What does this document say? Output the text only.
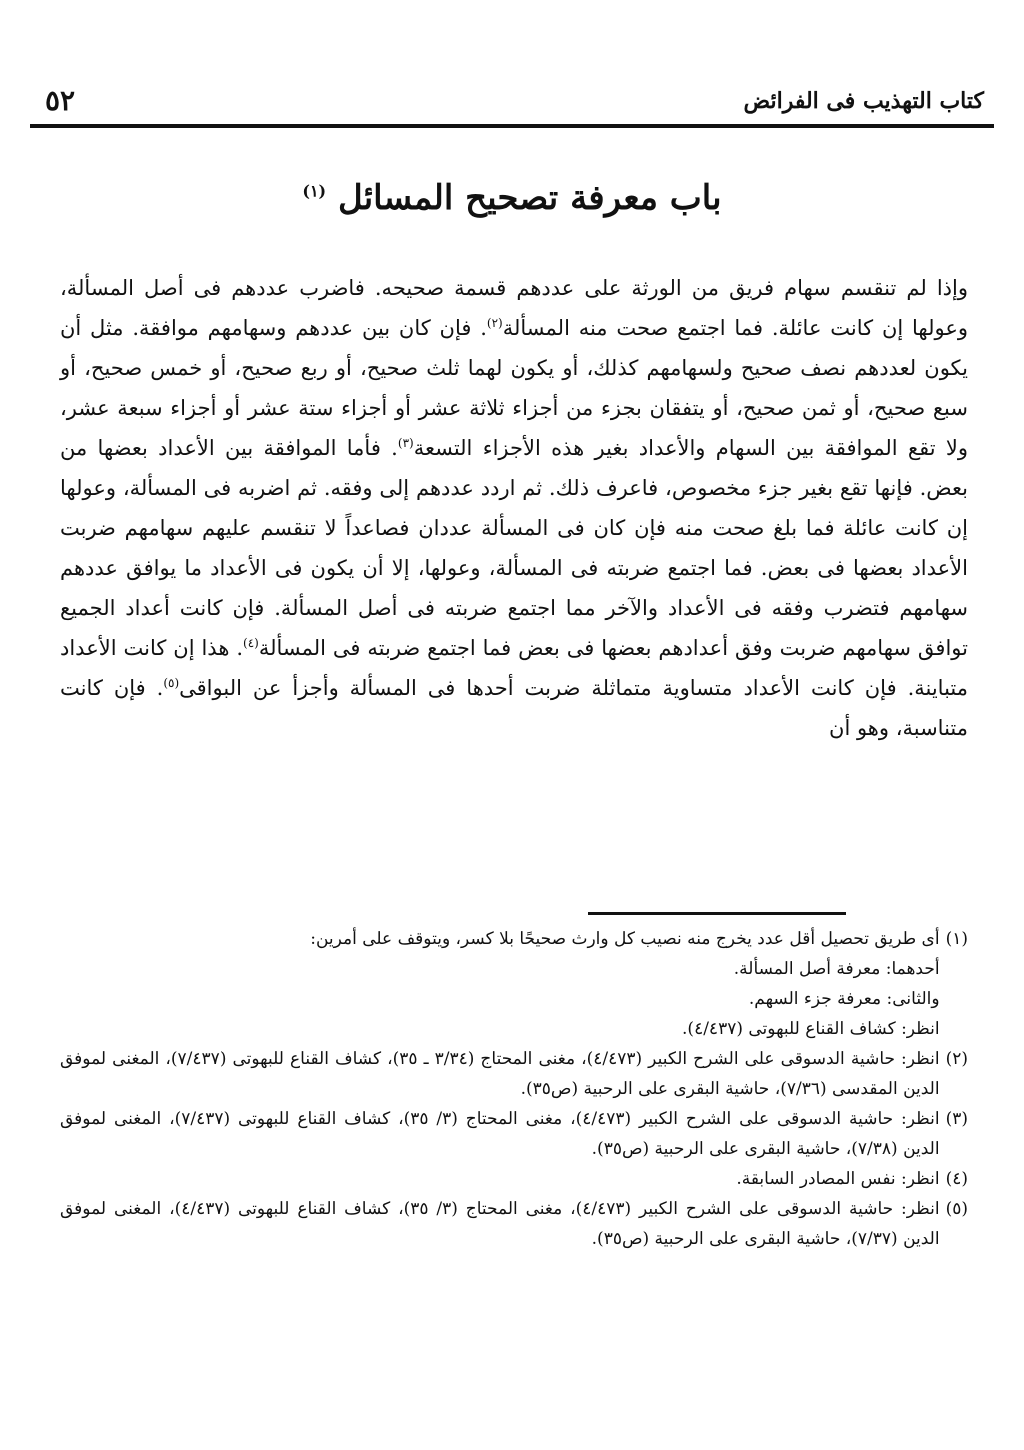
كتاب التهذيب فى الفرائض
٥٢
باب معرفة تصحيح المسائل $^{(١)}$

وإذا لم تنقسم سهام فريق من الورثة على عددهم قسمة صحيحه. فاضرب عددهم فى أصل المسألة، وعولها إن كانت عائلة. فما اجتمع صحت منه المسألة$^{(٢)}$. فإن كان بين عددهم وسهامهم موافقة. مثل أن يكون لعددهم نصف صحيح ولسهامهم كذلك، أو يكون لهما ثلث صحيح، أو ربع صحيح، أو خمس صحيح، أو سبع صحيح، أو ثمن صحيح، أو يتفقان بجزء من أجزاء ثلاثة عشر أو أجزاء ستة عشر أو أجزاء سبعة عشر، ولا تقع الموافقة بين السهام والأعداد بغير هذه الأجزاء التسعة$^{(٣)}$. فأما الموافقة بين الأعداد بعضها من بعض. فإنها تقع بغير جزء مخصوص، فاعرف ذلك. ثم اردد عددهم إلى وفقه. ثم اضربه فى المسألة، وعولها إن كانت عائلة فما بلغ صحت منه فإن كان فى المسألة عددان فصاعداً لا تنقسم عليهم سهامهم ضربت الأعداد بعضها فى بعض. فما اجتمع ضربته فى المسألة، وعولها، إلا أن يكون فى الأعداد ما يوافق عددهم سهامهم فتضرب وفقه فى الأعداد والآخر مما اجتمع ضربته فى أصل المسألة. فإن كانت أعداد الجميع توافق سهامهم ضربت وفق أعدادهم بعضها فى بعض فما اجتمع ضربته فى المسألة$^{(٤)}$. هذا إن كانت الأعداد متباينة. فإن كانت الأعداد متساوية متماثلة ضربت أحدها فى المسألة وأجزأ عن البواقى$^{(٥)}$. فإن كانت متناسبة، وهو أن

(١)
أى طريق تحصيل أقل عدد يخرج منه نصيب كل وارث صحيحًا بلا كسر، ويتوقف على أمرين:
أحدهما: معرفة أصل المسألة.
والثانى: معرفة جزء السهم.
انظر: كشاف القناع للبهوتى (٤/٤٣٧).
(٢)
انظر: حاشية الدسوقى على الشرح الكبير (٤/٤٧٣)، مغنى المحتاج (٣/٣٤ ـ ٣٥)، كشاف القناع للبهوتى (٧/٤٣٧)، المغنى لموفق الدين المقدسى (٧/٣٦)، حاشية البقرى على الرحبية (ص٣٥).
(٣)
انظر: حاشية الدسوقى على الشرح الكبير (٤/٤٧٣)، مغنى المحتاج (٣/ ٣٥)، كشاف القناع للبهوتى (٧/٤٣٧)، المغنى لموفق الدين (٧/٣٨)، حاشية البقرى على الرحبية (ص٣٥).
(٤)
انظر: نفس المصادر السابقة.
(٥)
انظر: حاشية الدسوقى على الشرح الكبير (٤/٤٧٣)، مغنى المحتاج (٣/ ٣٥)، كشاف القناع للبهوتى (٤/٤٣٧)، المغنى لموفق الدين (٧/٣٧)، حاشية البقرى على الرحبية (ص٣٥).
